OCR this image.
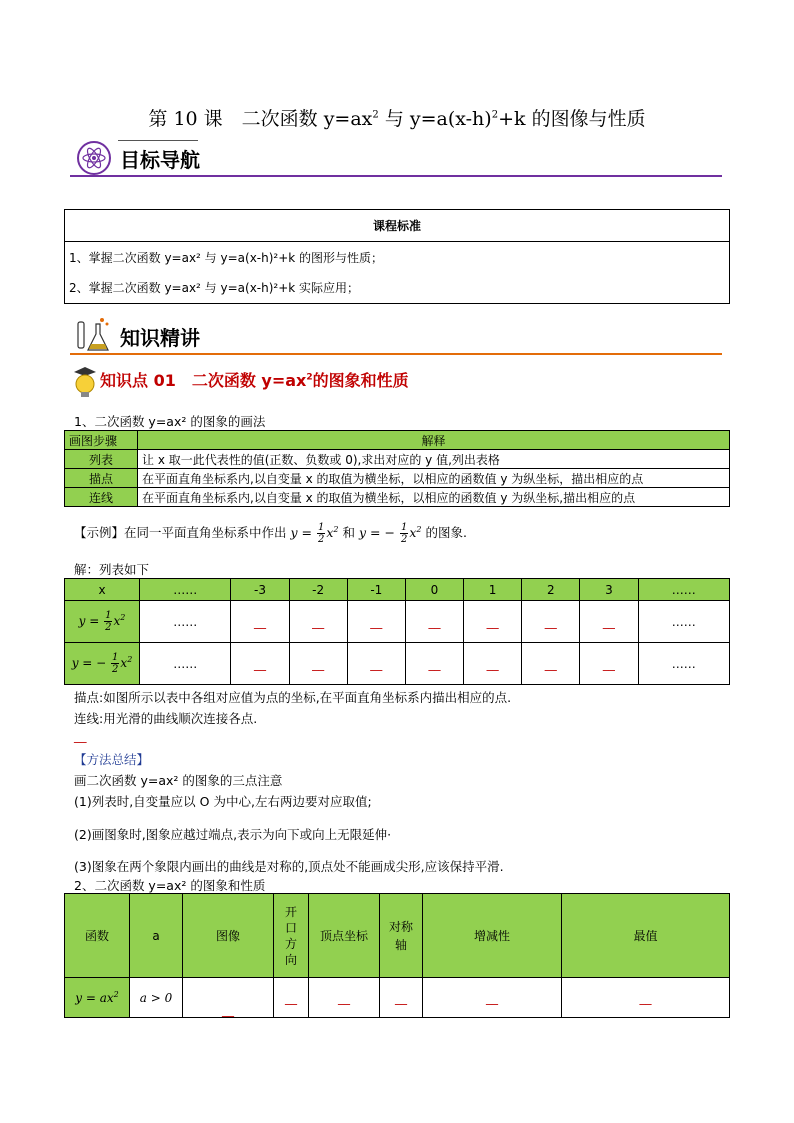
第 10 课　二次函数 $y=ax^2$ 与 $y=a(x-h)^2+k$ 的图像与性质
目标导航
课程标准

1、掌握二次函数 y=ax² 与 y=a(x-h)²+k 的图形与性质；
2、掌握二次函数 y=ax² 与 y=a(x-h)²+k 实际应用；
知识精讲
知识点 01　二次函数 $y=ax^2$的图象和性质
1、二次函数 y=ax² 的图象的画法
画图步骤	解释
列表	让 x 取一此代表性的值(正数、负数或 0),求出对应的 y 值,列出表格
描点	在平面直角坐标系内,以自变量 x 的取值为横坐标，以相应的函数值 y 为纵坐标，描出相应的点
连线	在平面直角坐标系内,以自变量 x 的取值为横坐标，以相应的函数值 y 为纵坐标,描出相应的点
【示例】在同一平面直角坐标系中作出 $y = \frac{1}{2} x^2$ 和 y = − $\frac{1}{2} x^2$ 的图象.
解：列表如下
x	……	-3	-2	-1	0	1	2	3	……
$y = \frac{1}{2} x^2$	……	__	__	__	__	__	__	__	……
y = − $\frac{1}{2} x^2$	……	__	__	__	__	__	__	__	……
描点:如图所示以表中各组对应值为点的坐标,在平面直角坐标系内描出相应的点.
连线:用光滑的曲线顺次连接各点.
__
【方法总结】
画二次函数 y=ax² 的图象的三点注意
(1)列表时,自变量应以 O 为中心,左右两边要对应取值;
(2)画图象时,图象应越过端点,表示为向下或向上无限延伸·
(3)图象在两个象限内画出的曲线是对称的,顶点处不能画成尖形,应该保持平滑.
2、二次函数 y=ax² 的图象和性质
函数	a	图像	开口方向	顶点坐标	对称轴	增减性	最值
$y = ax^2$	a > 0	__	__	__	__	__	__
